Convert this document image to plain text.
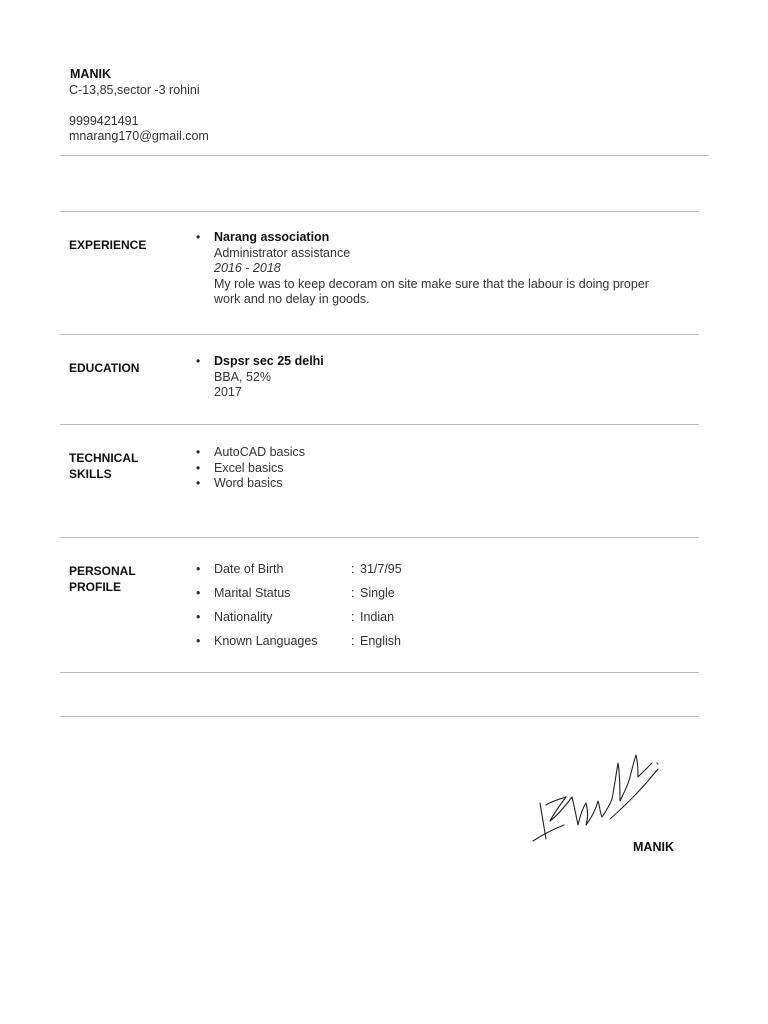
MANIK
C-13,85,sector -3 rohini
9999421491
mnarang170@gmail.com
EXPERIENCE
• Narang association
Administrator assistance
2016 - 2018
My role was to keep decoram on site make sure that the labour is doing proper
work and no delay in goods.
EDUCATION
•	Dspsr sec 25 delhi
BBA, 52%
2017
TECHNICAL
SKILLS
• AutoCAD basics
• Excel basics
• Word basics
PERSONAL
PROFILE
• Date of Birth	: 31/7/95
• Marital Status	: Single
• Nationality	: Indian
• Known Languages	: English
MANIK
